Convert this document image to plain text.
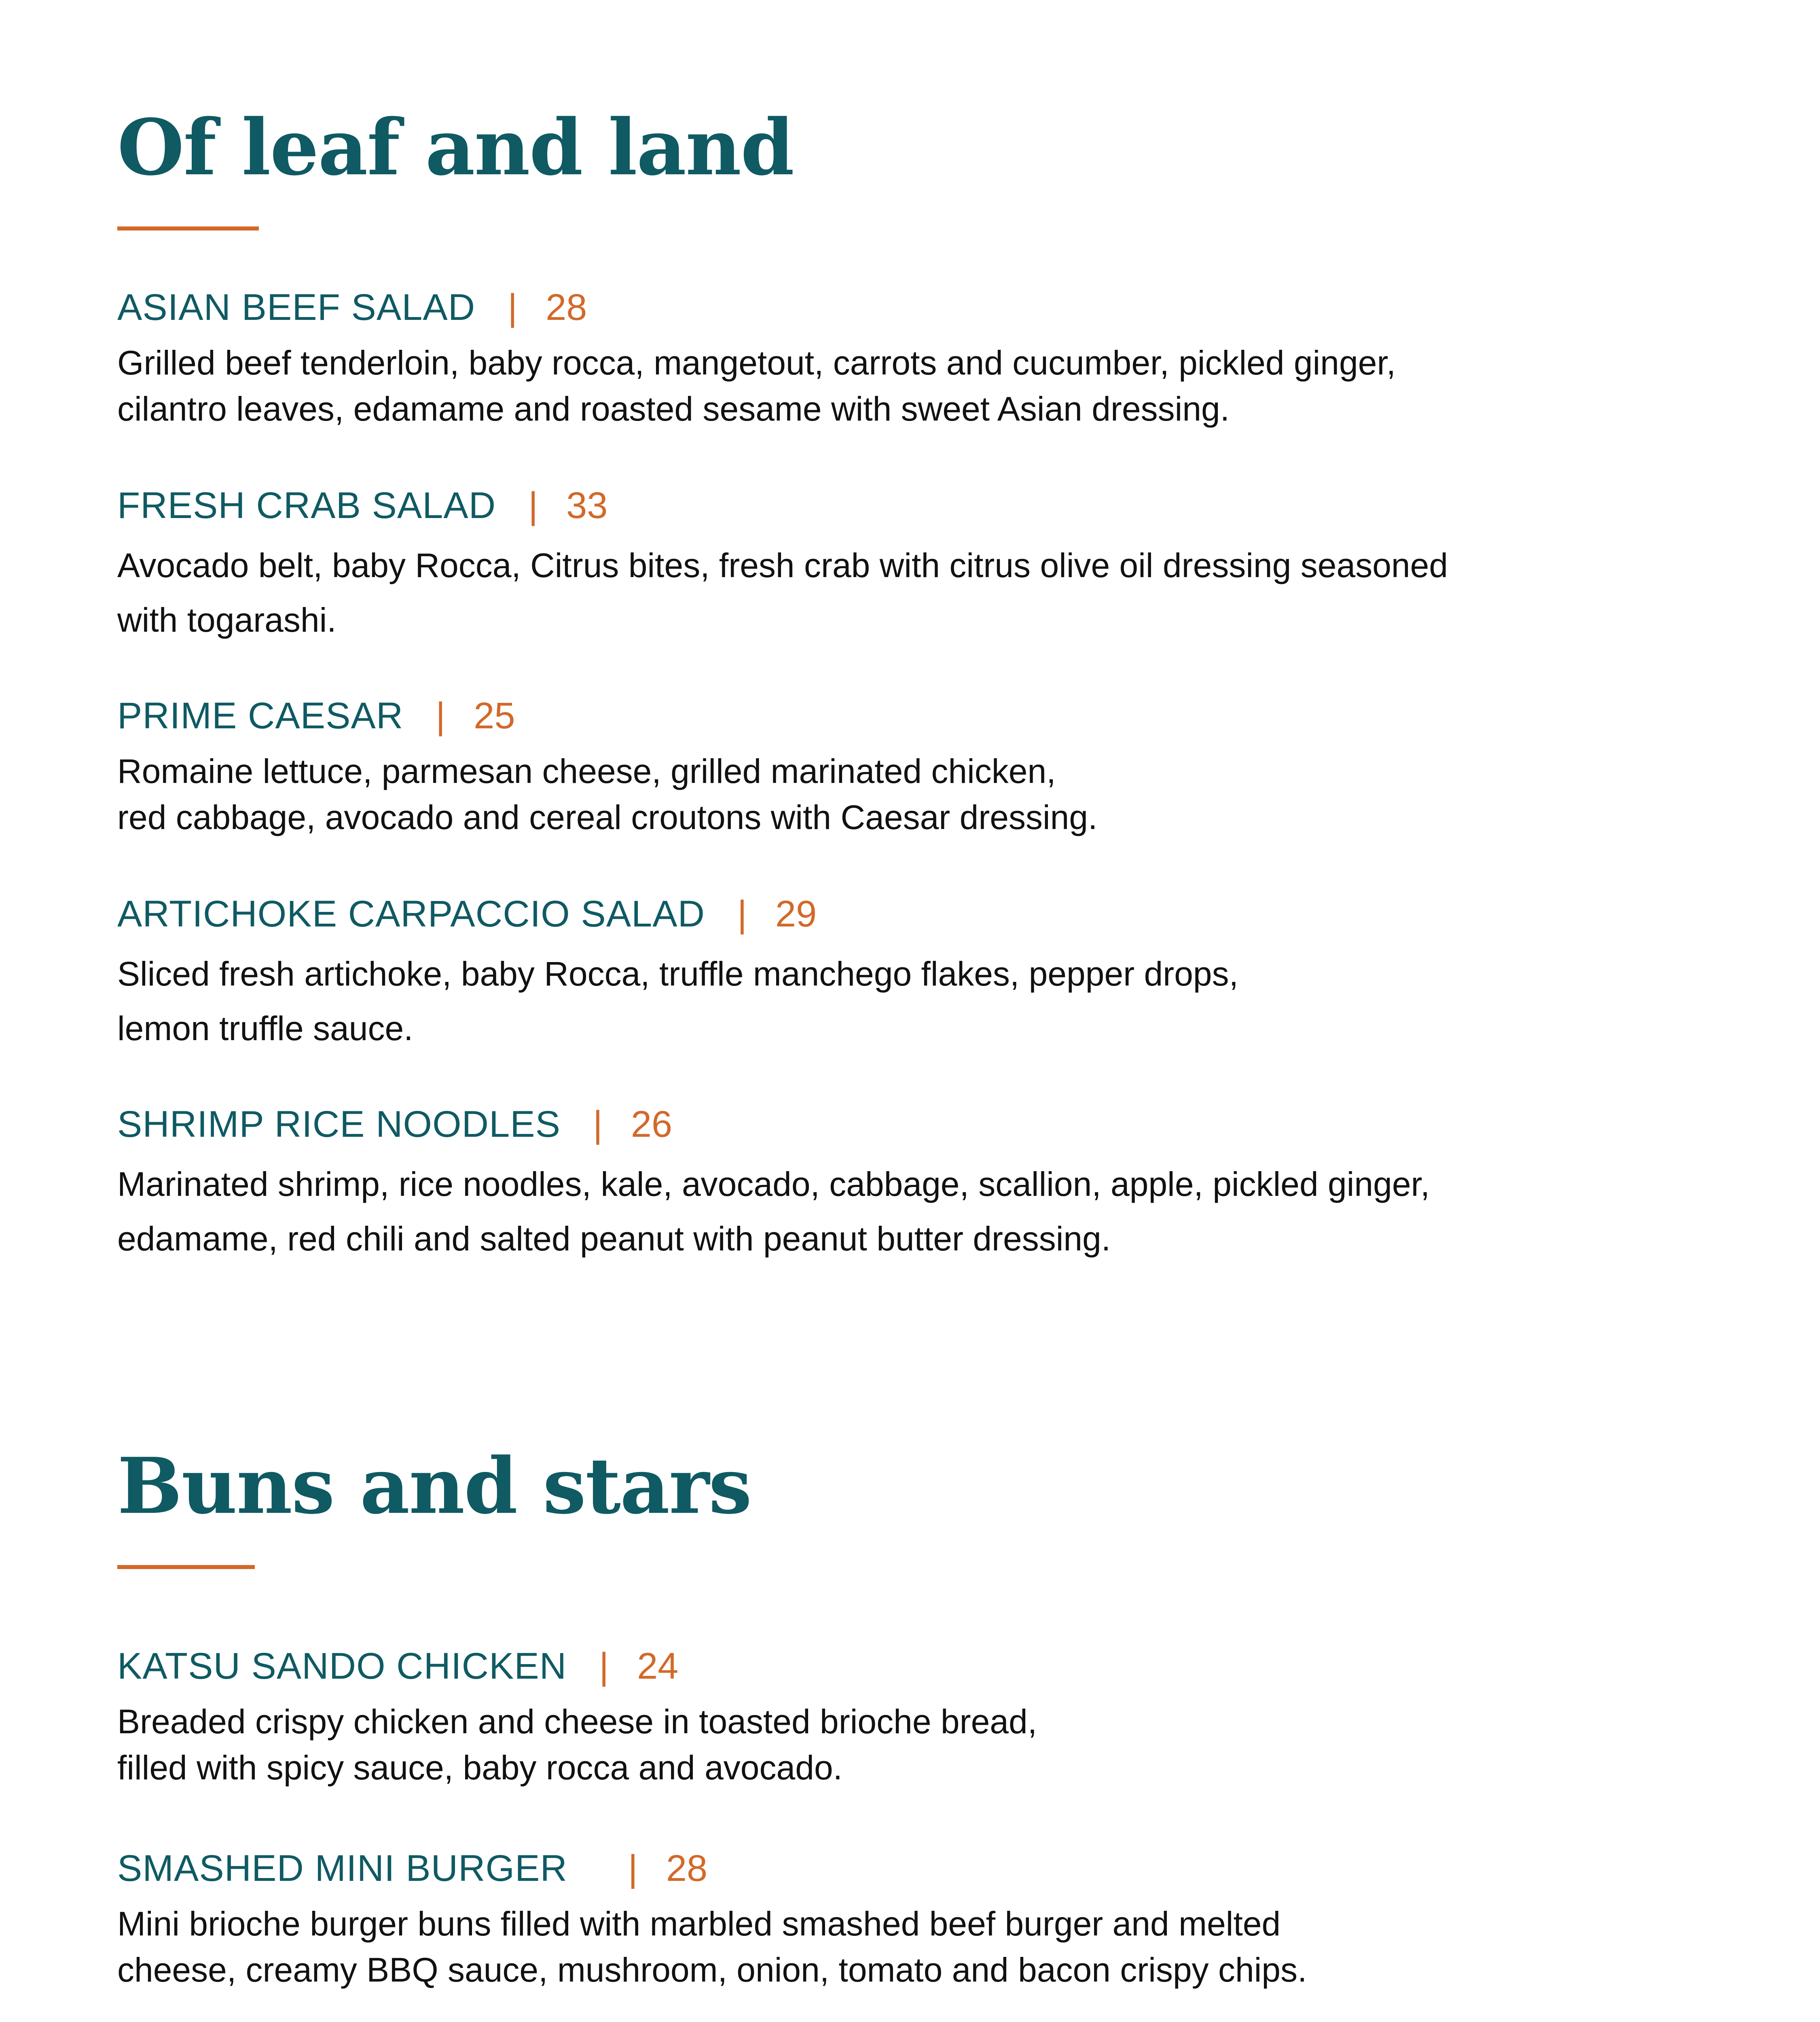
Of leaf and land
ASIAN BEEF SALAD | 28

Grilled beef tenderloin, baby rocca, mangetout, carrots and cucumber, pickled ginger,

cilantro leaves, edamame and roasted sesame with sweet Asian dressing.

FRESH CRAB SALAD | 33

Avocado belt, baby Rocca, Citrus bites, fresh crab with citrus olive oil dressing seasoned

with togarashi.

PRIME CAESAR | 25

Romaine lettuce, parmesan cheese, grilled marinated chicken,

red cabbage, avocado and cereal croutons with Caesar dressing.

ARTICHOKE CARPACCIO SALAD | 29

Sliced fresh artichoke, baby Rocca, truffle manchego flakes, pepper drops,

lemon truffle sauce.

SHRIMP RICE NOODLES | 26

Marinated shrimp, rice noodles, kale, avocado, cabbage, scallion, apple, pickled ginger,

edamame, red chili and salted peanut with peanut butter dressing.

Buns and stars
KATSU SANDO CHICKEN | 24

Breaded crispy chicken and cheese in toasted brioche bread,

filled with spicy sauce, baby rocca and avocado.

SMASHED MINI BURGER | 28

Mini brioche burger buns filled with marbled smashed beef burger and melted

cheese, creamy BBQ sauce, mushroom, onion, tomato and bacon crispy chips.
